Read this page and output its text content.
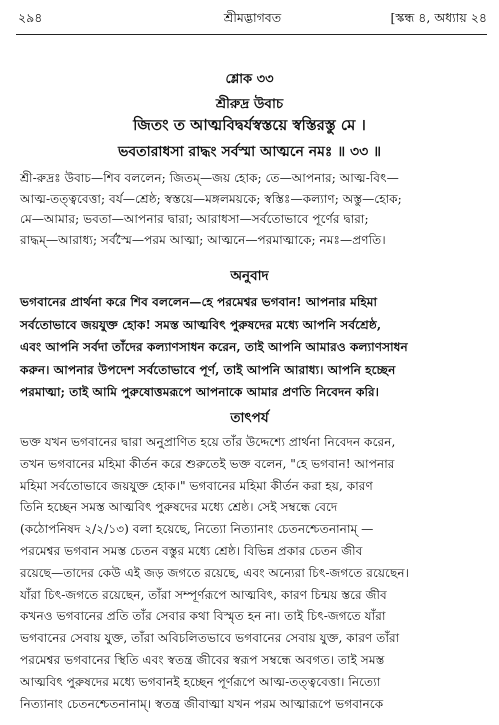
২৯৪	শ্রীমদ্ভাগবত	[স্কন্ধ ৪, অধ্যায় ২৪
শ্লোক ৩৩
শ্রীরুদ্র উবাচ
জিতং ত আত্মবিদ্বর্যস্বস্তয়ে স্বস্তিরস্তু মে ।
ভবতারাধসা রাদ্ধং সর্বস্মা আত্মনে নমঃ ॥ ৩৩ ॥

শ্রী-রুদ্রঃ উবাচ—শিব বললেন; জিতম্—জয় হোক; তে—আপনার; আত্ম-বিৎ—

আত্ম-তত্ত্ববেত্তা; বর্য—শ্রেষ্ঠ; স্বস্তয়ে—মঙ্গলময়কে; স্বস্তিঃ—কল্যাণ; অস্তু—হোক;

মে—আমার; ভবতা—আপনার দ্বারা; আরাধসা—সর্বতোভাবে পূর্ণের দ্বারা;

রাদ্ধম্—আরাধ্য; সর্বস্মৈ—পরম আত্মা; আত্মনে—পরমাত্মাকে; নমঃ—প্রণতি।

অনুবাদ

ভগবানের প্রার্থনা করে শিব বললেন—হে পরমেশ্বর ভগবান! আপনার মহিমা

সর্বতোভাবে জয়যুক্ত হোক! সমস্ত আত্মবিৎ পুরুষদের মধ্যে আপনি সর্বশ্রেষ্ঠ,

এবং আপনি সর্বদা তাঁদের কল্যাণসাধন করেন, তাই আপনি আমারও কল্যাণসাধন

করুন। আপনার উপদেশ সর্বতোভাবে পূর্ণ, তাই আপনি আরাধ্য। আপনি হচ্ছেন

পরমাত্মা; তাই আমি পুরুষোত্তমরূপে আপনাকে আমার প্রণতি নিবেদন করি।

তাৎপর্য

ভক্ত যখন ভগবানের দ্বারা অনুপ্রাণিত হয়ে তাঁর উদ্দেশ্যে প্রার্থনা নিবেদন করেন,

তখন ভগবানের মহিমা কীর্তন করে শুরুতেই ভক্ত বলেন, "হে ভগবান! আপনার

মহিমা সর্বতোভাবে জয়যুক্ত হোক।" ভগবানের মহিমা কীর্তন করা হয়, কারণ

তিনি হচ্ছেন সমস্ত আত্মবিৎ পুরুষদের মধ্যে শ্রেষ্ঠ। সেই সম্বন্ধে বেদে

(কঠোপনিষদ ২/২/১৩) বলা হয়েছে, নিত্যো নিত্যানাং চেতনশ্চেতনানাম্ —

পরমেশ্বর ভগবান সমস্ত চেতন বস্তুর মধ্যে শ্রেষ্ঠ। বিভিন্ন প্রকার চেতন জীব

রয়েছে—তাদের কেউ এই জড় জগতে রয়েছে, এবং অন্যেরা চিৎ-জগতে রয়েছেন।

যাঁরা চিৎ-জগতে রয়েছেন, তাঁরা সম্পূর্ণরূপে আত্মবিৎ, কারণ চিন্ময় স্তরে জীব

কখনও ভগবানের প্রতি তাঁর সেবার কথা বিস্মৃত হন না। তাই চিৎ-জগতে যাঁরা

ভগবানের সেবায় যুক্ত, তাঁরা অবিচলিতভাবে ভগবানের সেবায় যুক্ত, কারণ তাঁরা

পরমেশ্বর ভগবানের স্থিতি এবং স্বতন্ত্র জীবের স্বরূপ সম্বন্ধে অবগত। তাই সমস্ত

আত্মবিৎ পুরুষদের মধ্যে ভগবানই হচ্ছেন পূর্ণরূপে আত্ম-তত্ত্ববেত্তা। নিত্যো

নিত্যানাং চেতনশ্চেতনানাম্। স্বতন্ত্র জীবাত্মা যখন পরম আত্মারূপে ভগবানকে
